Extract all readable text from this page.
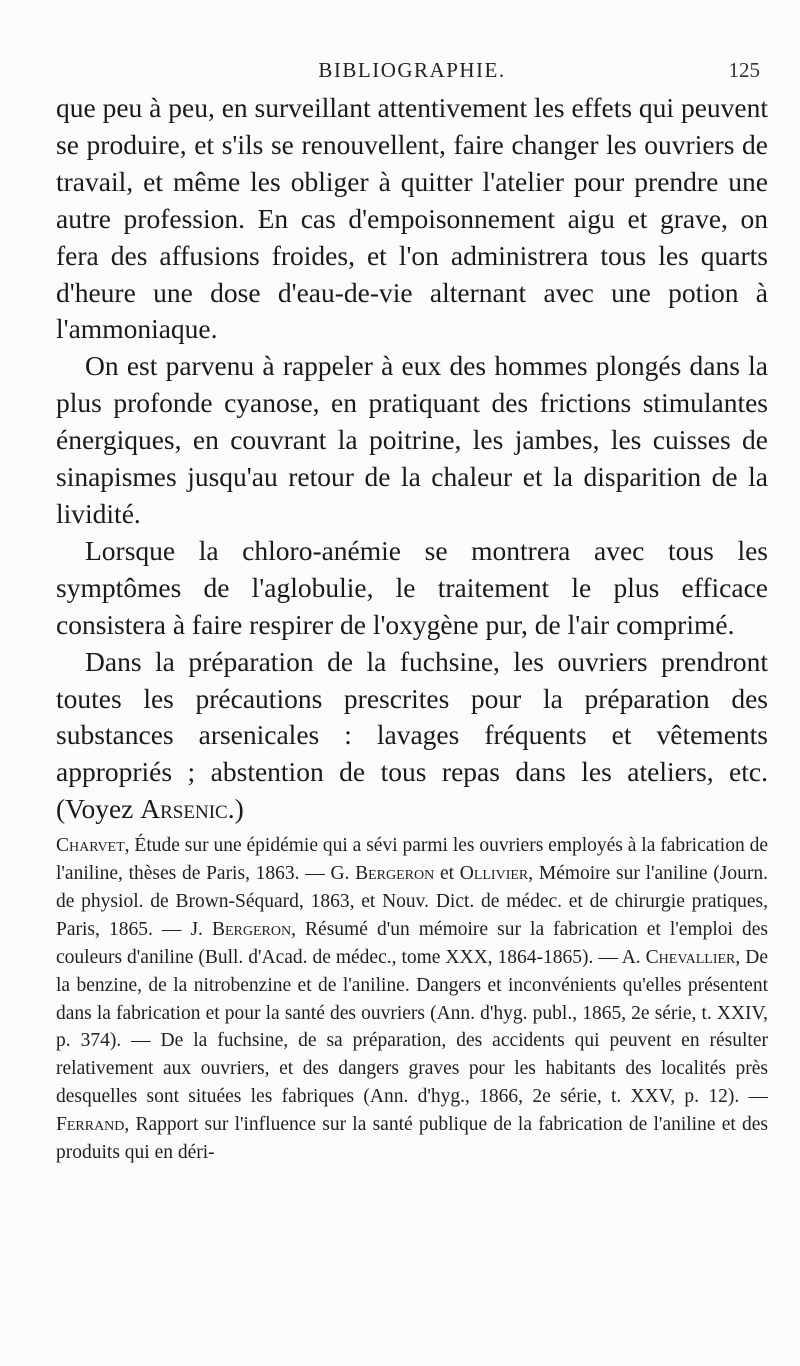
BIBLIOGRAPHIE.	125

que peu à peu, en surveillant attentivement les effets qui peuvent se produire, et s'ils se renouvellent, faire changer les ouvriers de travail, et même les obliger à quitter l'atelier pour prendre une autre profession. En cas d'empoisonnement aigu et grave, on fera des affusions froides, et l'on administrera tous les quarts d'heure une dose d'eau-de-vie alternant avec une potion à l'ammoniaque.

On est parvenu à rappeler à eux des hommes plongés dans la plus profonde cyanose, en pratiquant des frictions stimulantes énergiques, en couvrant la poitrine, les jambes, les cuisses de sinapismes jusqu'au retour de la chaleur et la disparition de la lividité.

Lorsque la chloro-anémie se montrera avec tous les symptômes de l'aglobulie, le traitement le plus efficace consistera à faire respirer de l'oxygène pur, de l'air comprimé.

Dans la préparation de la fuchsine, les ouvriers prendront toutes les précautions prescrites pour la préparation des substances arsenicales : lavages fréquents et vêtements appropriés ; abstention de tous repas dans les ateliers, etc. (Voyez Arsenic.)

Charvet, Étude sur une épidémie qui a sévi parmi les ouvriers employés à la fabrication de l'aniline, thèses de Paris, 1863. — G. Bergeron et Ollivier, Mémoire sur l'aniline (Journ. de physiol. de Brown-Séquard, 1863, et Nouv. Dict. de médec. et de chirurgie pratiques, Paris, 1865. — J. Bergeron, Résumé d'un mémoire sur la fabrication et l'emploi des couleurs d'aniline (Bull. d'Acad. de médec., tome XXX, 1864-1865). — A. Chevallier, De la benzine, de la nitrobenzine et de l'aniline. Dangers et inconvénients qu'elles présentent dans la fabrication et pour la santé des ouvriers (Ann. d'hyg. publ., 1865, 2e série, t. XXIV, p. 374). — De la fuchsine, de sa préparation, des accidents qui peuvent en résulter relativement aux ouvriers, et des dangers graves pour les habitants des localités près desquelles sont situées les fabriques (Ann. d'hyg., 1866, 2e série, t. XXV, p. 12). — Ferrand, Rapport sur l'influence sur la santé publique de la fabrication de l'aniline et des produits qui en déri-
